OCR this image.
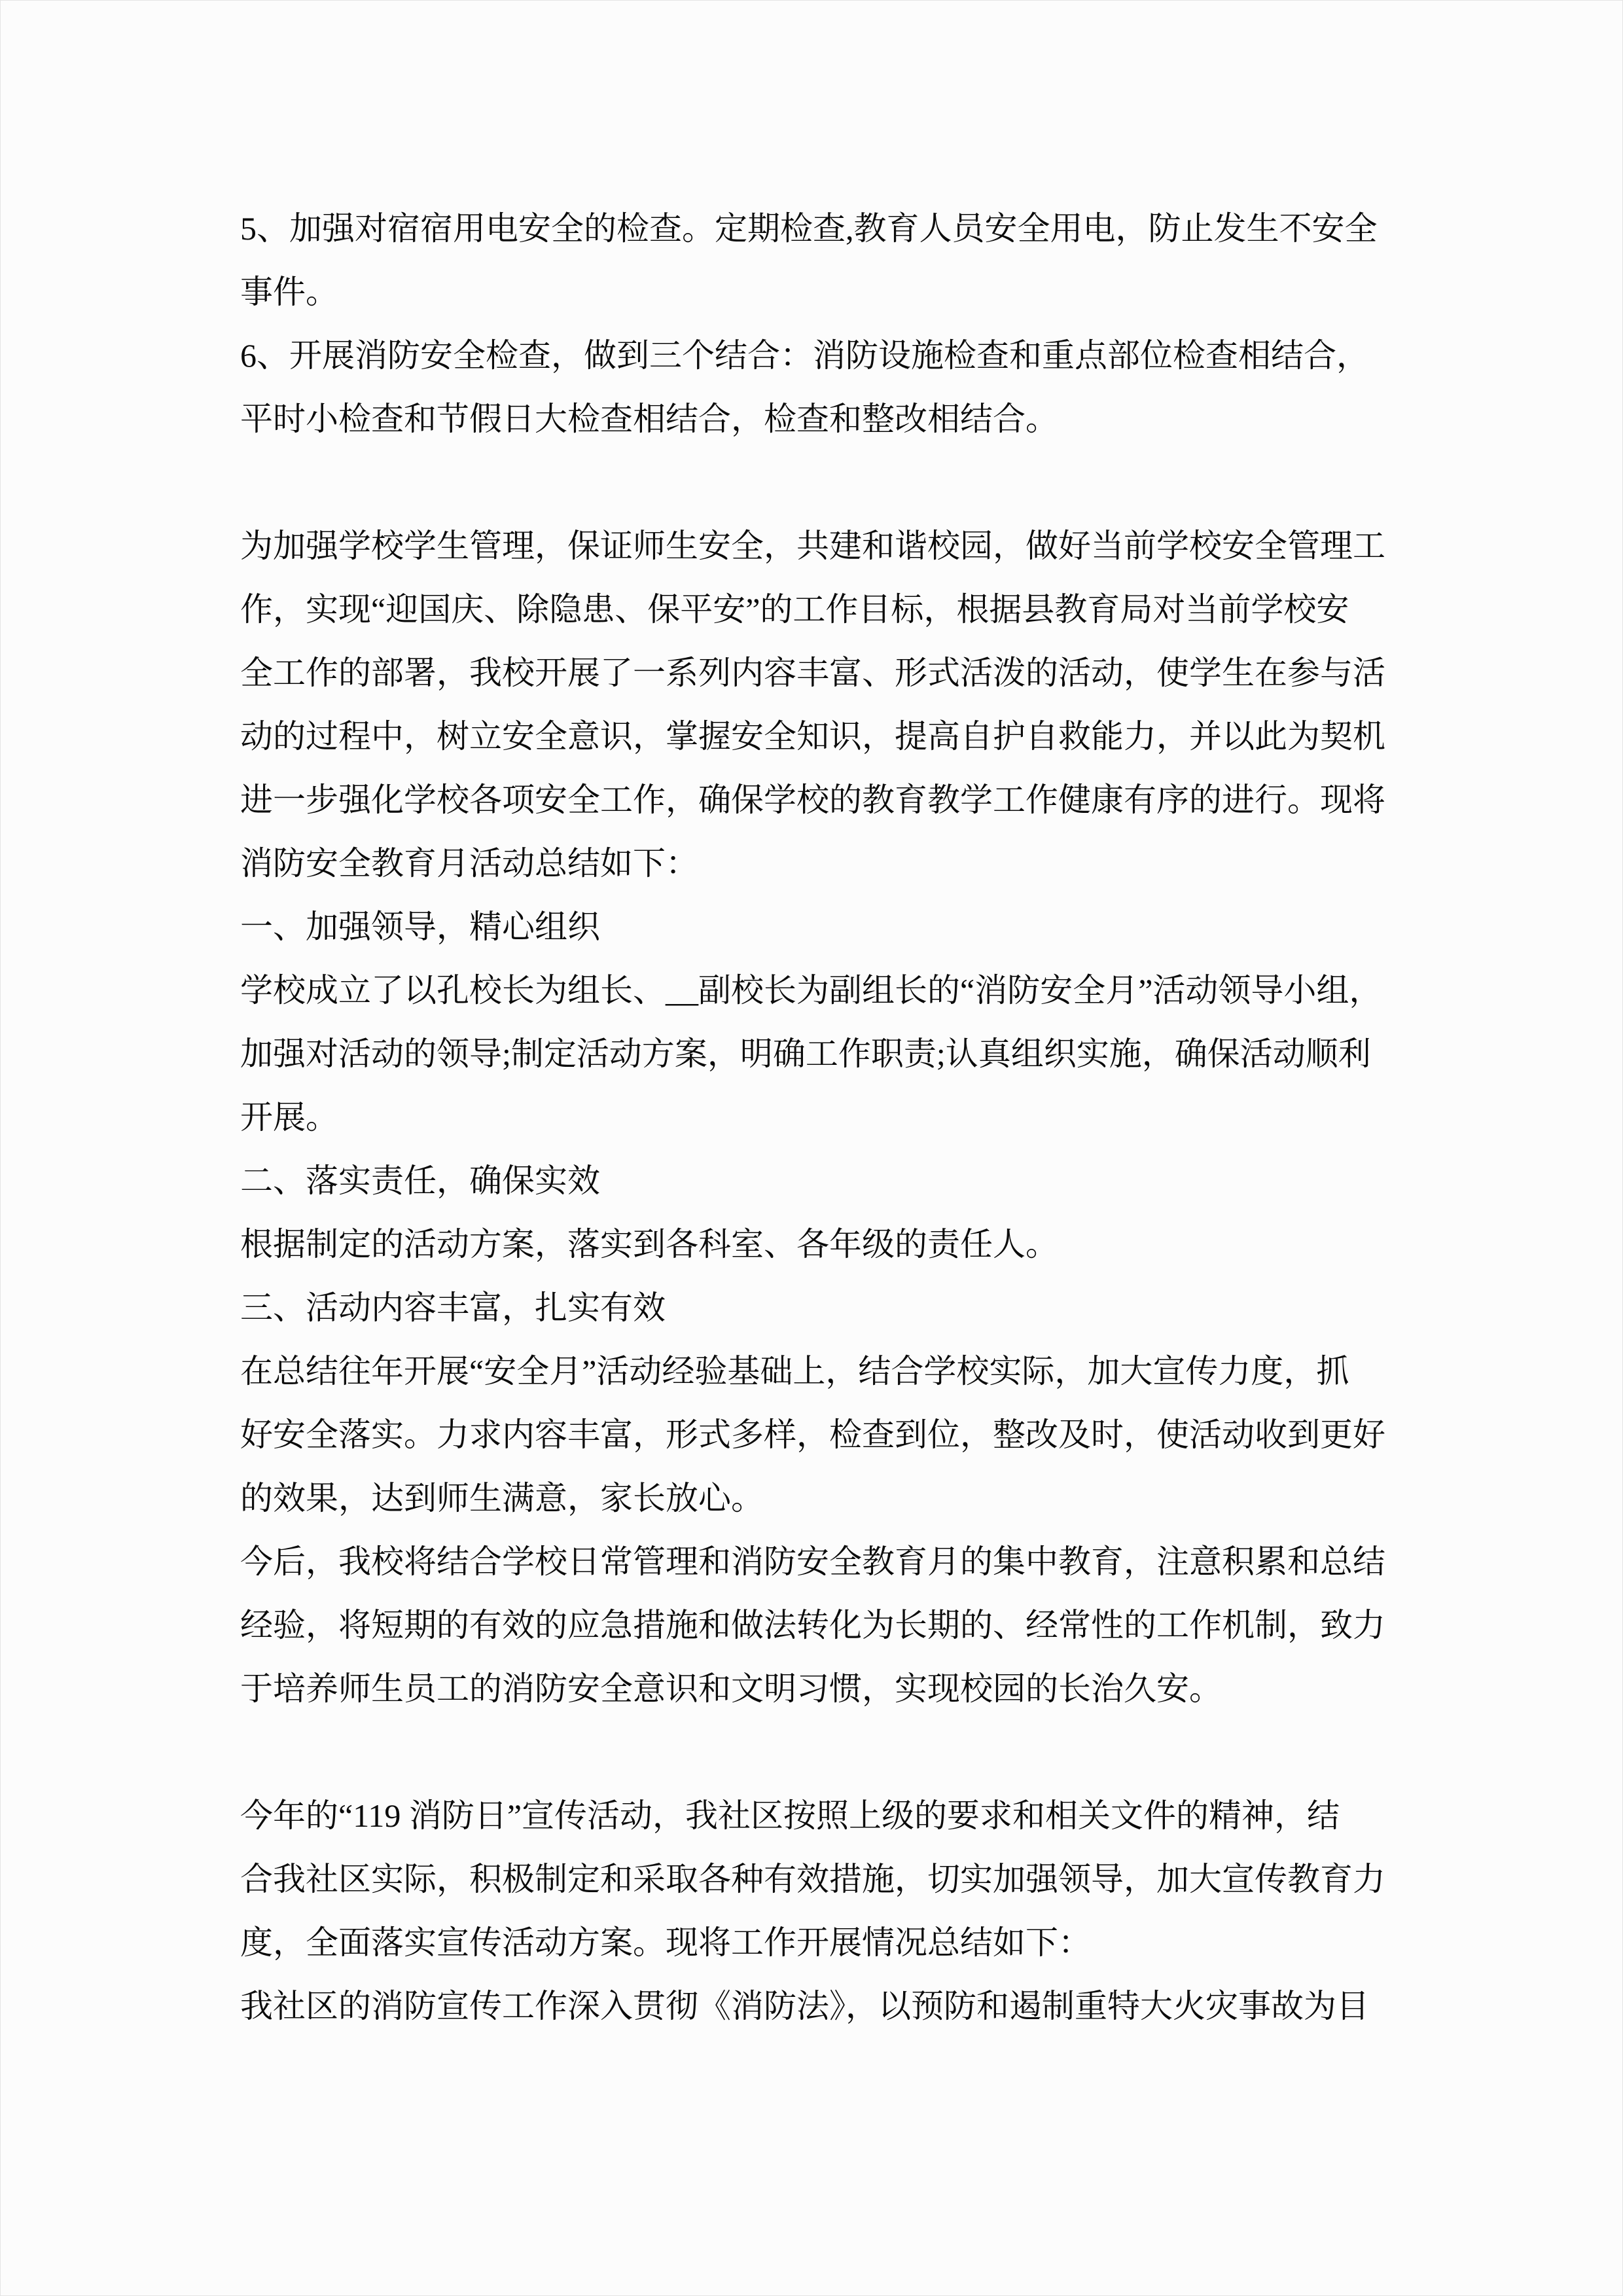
5、加强对宿宿用电安全的检查。定期检查,教育人员安全用电，防止发生不安全
事件。
6、开展消防安全检查，做到三个结合：消防设施检查和重点部位检查相结合，
平时小检查和节假日大检查相结合，检查和整改相结合。
为加强学校学生管理，保证师生安全，共建和谐校园，做好当前学校安全管理工
作，实现“迎国庆、除隐患、保平安”的工作目标，根据县教育局对当前学校安
全工作的部署，我校开展了一系列内容丰富、形式活泼的活动，使学生在参与活
动的过程中，树立安全意识，掌握安全知识，提高自护自救能力，并以此为契机
进一步强化学校各项安全工作，确保学校的教育教学工作健康有序的进行。现将
消防安全教育月活动总结如下：
一、加强领导，精心组织
学校成立了以孔校长为组长、__副校长为副组长的“消防安全月”活动领导小组，
加强对活动的领导;制定活动方案，明确工作职责;认真组织实施，确保活动顺利
开展。
二、落实责任，确保实效
根据制定的活动方案，落实到各科室、各年级的责任人。
三、活动内容丰富，扎实有效
在总结往年开展“安全月”活动经验基础上，结合学校实际，加大宣传力度，抓
好安全落实。力求内容丰富，形式多样，检查到位，整改及时，使活动收到更好
的效果，达到师生满意，家长放心。
今后，我校将结合学校日常管理和消防安全教育月的集中教育，注意积累和总结
经验，将短期的有效的应急措施和做法转化为长期的、经常性的工作机制，致力
于培养师生员工的消防安全意识和文明习惯，实现校园的长治久安。
今年的“119 消防日”宣传活动，我社区按照上级的要求和相关文件的精神，结
合我社区实际，积极制定和采取各种有效措施，切实加强领导，加大宣传教育力
度，全面落实宣传活动方案。现将工作开展情况总结如下：
我社区的消防宣传工作深入贯彻《消防法》，以预防和遏制重特大火灾事故为目
